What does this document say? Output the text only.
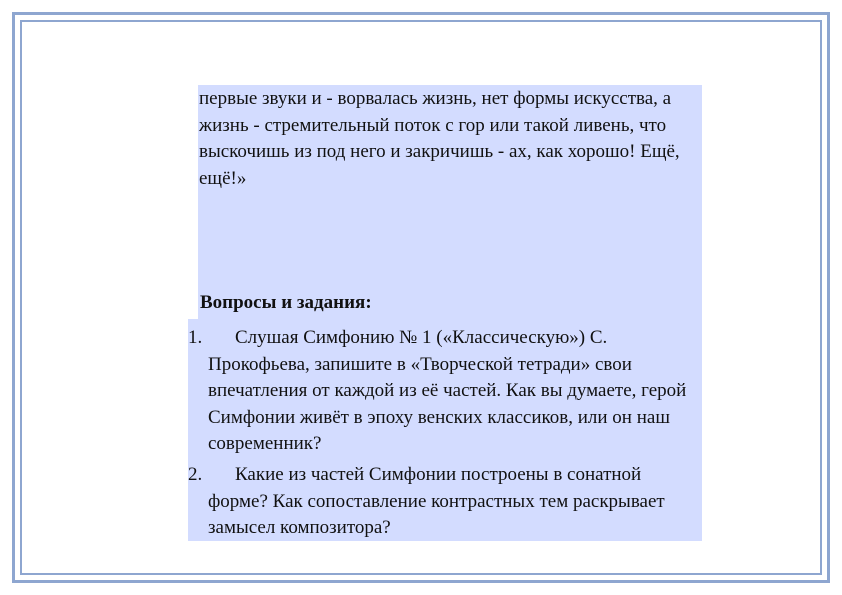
первые звуки и - ворвалась жизнь, нет формы искусства, а жизнь - стремительный поток с гор или такой ливень, что выскочишь из под него и закричишь - ах, как хорошо! Ещё, ещё!»

Вопросы и задания:

1.	Слушая Симфонию № 1 («Классическую») С. Прокофьева, запишите в «Творческой тетради» свои впечатления от каждой из её частей. Как вы думаете, герой Симфонии живёт в эпоху венских классиков, или он наш современник?
2.	Какие из частей Симфонии построены в сонатной форме? Как сопоставление контрастных тем раскрывает замысел композитора?
